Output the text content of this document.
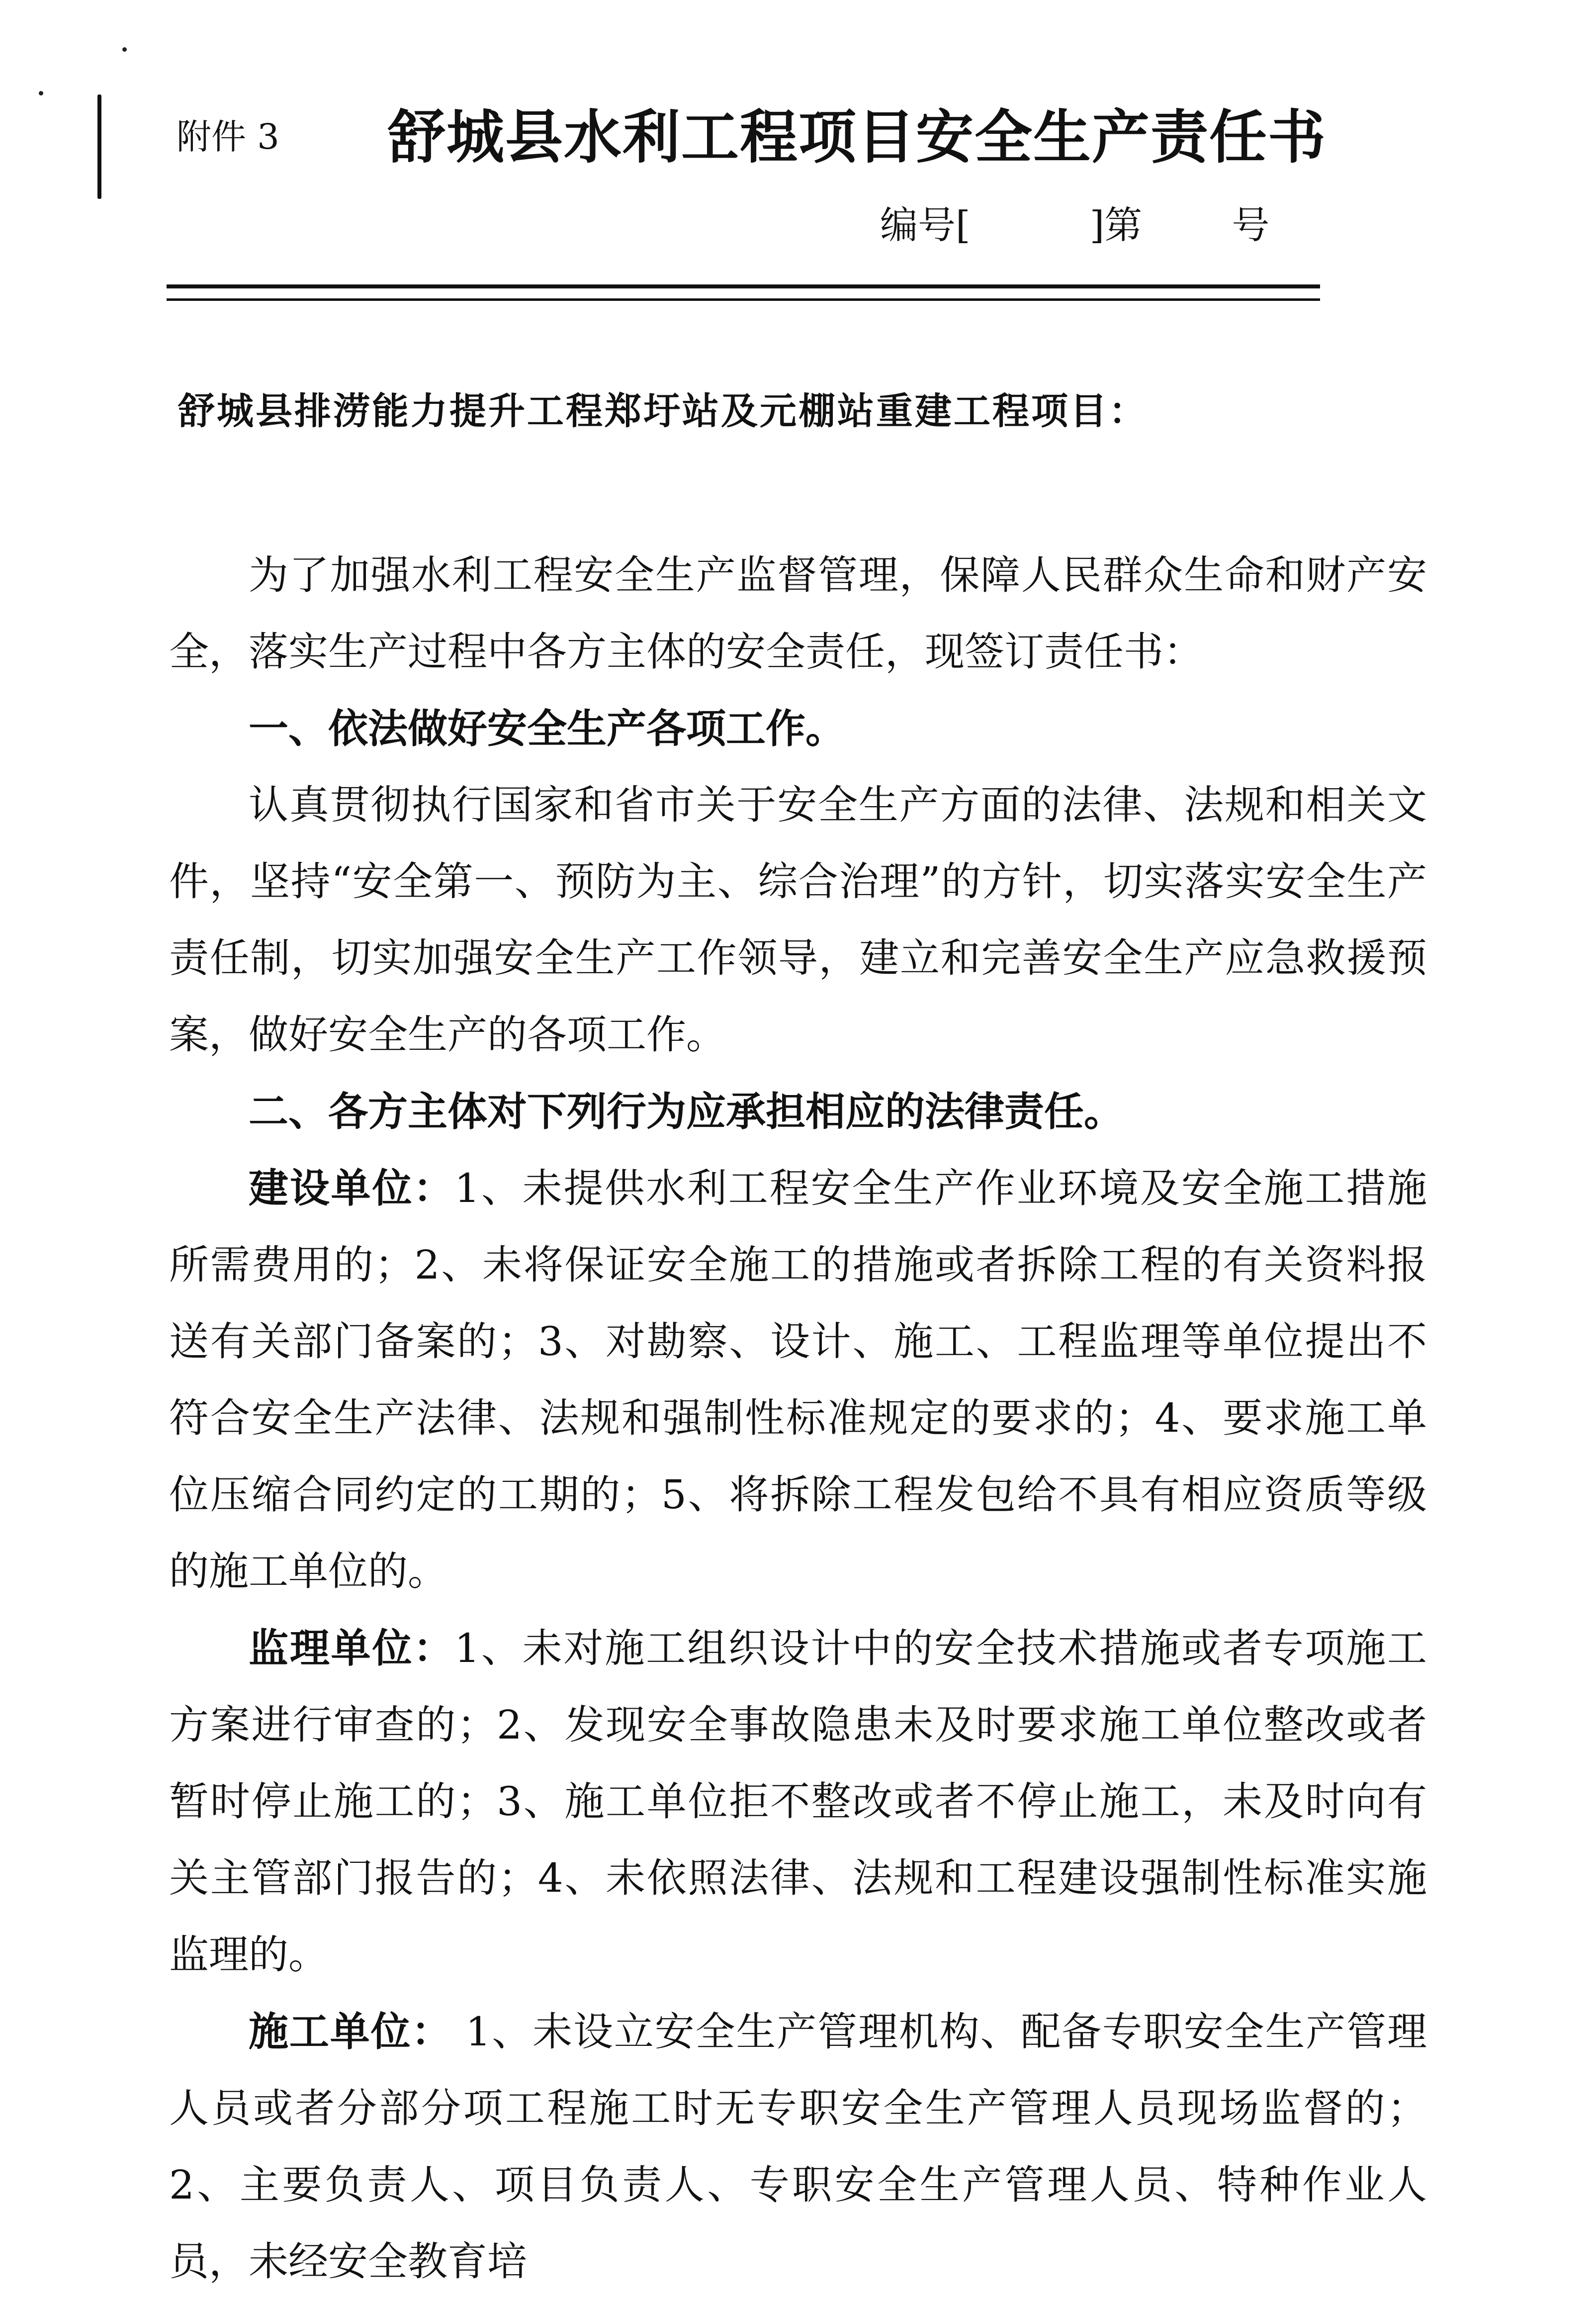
附件 3 舒城县水利工程项目安全生产责任书
编号[	]第 号
舒城县排涝能力提升工程郑圩站及元棚站重建工程项目：

为了加强水利工程安全生产监督管理，保障人民群众生命和财产安全，落实生产过程中各方主体的安全责任，现签订责任书：

一、依法做好安全生产各项工作。

认真贯彻执行国家和省市关于安全生产方面的法律、法规和相关文件，坚持“安全第一、预防为主、综合治理”的方针，切实落实安全生产责任制，切实加强安全生产工作领导，建立和完善安全生产应急救援预案，做好安全生产的各项工作。

二、各方主体对下列行为应承担相应的法律责任。

建设单位：1、未提供水利工程安全生产作业环境及安全施工措施所需费用的；2、未将保证安全施工的措施或者拆除工程的有关资料报送有关部门备案的；3、对勘察、设计、施工、工程监理等单位提出不符合安全生产法律、法规和强制性标准规定的要求的；4、要求施工单位压缩合同约定的工期的；5、将拆除工程发包给不具有相应资质等级的施工单位的。

监理单位：1、未对施工组织设计中的安全技术措施或者专项施工方案进行审查的；2、发现安全事故隐患未及时要求施工单位整改或者暂时停止施工的；3、施工单位拒不整改或者不停止施工，未及时向有关主管部门报告的；4、未依照法律、法规和工程建设强制性标准实施监理的。

施工单位： 1、未设立安全生产管理机构、配备专职安全生产管理人员或者分部分项工程施工时无专职安全生产管理人员现场监督的；2、主要负责人、项目负责人、专职安全生产管理人员、特种作业人员，未经安全教育培
